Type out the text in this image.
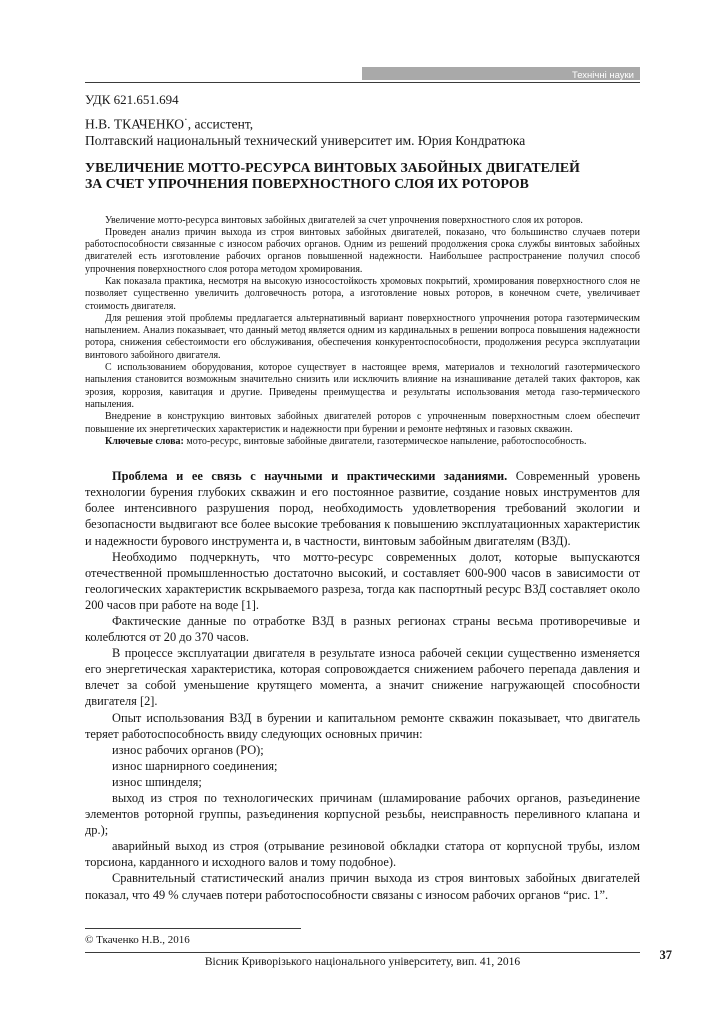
Технічні науки
УДК 621.651.694
Н.В. ТКАЧЕНКО·, ассистент,
Полтавский национальный технический университет им. Юрия Кондратюка
УВЕЛИЧЕНИЕ МОТТО-РЕСУРСА ВИНТОВЫХ ЗАБОЙНЫХ ДВИГАТЕЛЕЙ
ЗА СЧЕТ УПРОЧНЕНИЯ ПОВЕРХНОСТНОГО СЛОЯ ИХ РОТОРОВ

Увеличение мотто-ресурса винтовых забойных двигателей за счет упрочнения поверхностного слоя их роторов.

Проведен анализ причин выхода из строя винтовых забойных двигателей, показано, что большинство случаев потери работоспособности связанные с износом рабочих органов. Одним из решений продолжения срока службы винтовых забойных двигателей есть изготовление рабочих органов повышенной надежности. Наибольшее распространение получил способ упрочнения поверхностного слоя ротора методом хромирования.

Как показала практика, несмотря на высокую износостойкость хромовых покрытий, хромирования поверхностного слоя не позволяет существенно увеличить долговечность ротора, а изготовление новых роторов, в конечном счете, увеличивает стоимость двигателя.

Для решения этой проблемы предлагается альтернативный вариант поверхностного упрочнения ротора газотермическим напылением. Анализ показывает, что данный метод является одним из кардинальных в решении вопроса повышения надежности ротора, снижения себестоимости его обслуживания, обеспечения конкурентоспособности, продолжения ресурса эксплуатации винтового забойного двигателя.

С использованием оборудования, которое существует в настоящее время, материалов и технологий газотермического напыления становится возможным значительно снизить или исключить влияние на изнашивание деталей таких факторов, как эрозия, коррозия, кавитация и другие. Приведены преимущества и результаты использования метода газо-термического напыления.

Внедрение в конструкцию винтовых забойных двигателей роторов с упрочненным поверхностным слоем обеспечит повышение их энергетических характеристик и надежности при бурении и ремонте нефтяных и газовых скважин.

Ключевые слова: мото-ресурс, винтовые забойные двигатели, газотермическое напыление, работоспособность.

Проблема и ее связь с научными и практическими заданиями. Современный уровень технологии бурения глубоких скважин и его постоянное развитие, создание новых инструментов для более интенсивного разрушения пород, необходимость удовлетворения требований экологии и безопасности выдвигают все более высокие требования к повышению эксплуатационных характеристик и надежности бурового инструмента и, в частности, винтовым забойным двигателям (ВЗД).

Необходимо подчеркнуть, что мотто-ресурс современных долот, которые выпускаются отечественной промышленностью достаточно высокий, и составляет 600-900 часов в зависимости от геологических характеристик вскрываемого разреза, тогда как паспортный ресурс ВЗД составляет около 200 часов при работе на воде [1].

Фактические данные по отработке ВЗД в разных регионах страны весьма противоречивые и колеблются от 20 до 370 часов.

В процессе эксплуатации двигателя в результате износа рабочей секции существенно изменяется его энергетическая характеристика, которая сопровождается снижением рабочего перепада давления и влечет за собой уменьшение крутящего момента, а значит снижение нагружающей способности двигателя [2].

Опыт использования ВЗД в бурении и капитальном ремонте скважин показывает, что двигатель теряет работоспособность ввиду следующих основных причин:

износ рабочих органов (РО);

износ шарнирного соединения;

износ шпинделя;

выход из строя по технологических причинам (шламирование рабочих органов, разъединение элементов роторной группы, разъединения корпусной резьбы, неисправность переливного клапана и др.);

аварийный выход из строя (отрывание резиновой обкладки статора от корпусной трубы, излом торсиона, карданного и исходного валов и тому подобное).

Сравнительный статистический анализ причин выхода из строя винтовых забойных двигателей показал, что 49 % случаев потери работоспособности связаны с износом рабочих органов “рис. 1”.

© Ткаченко Н.В., 2016
Вісник Криворізького національного університету, вип. 41, 2016	37
